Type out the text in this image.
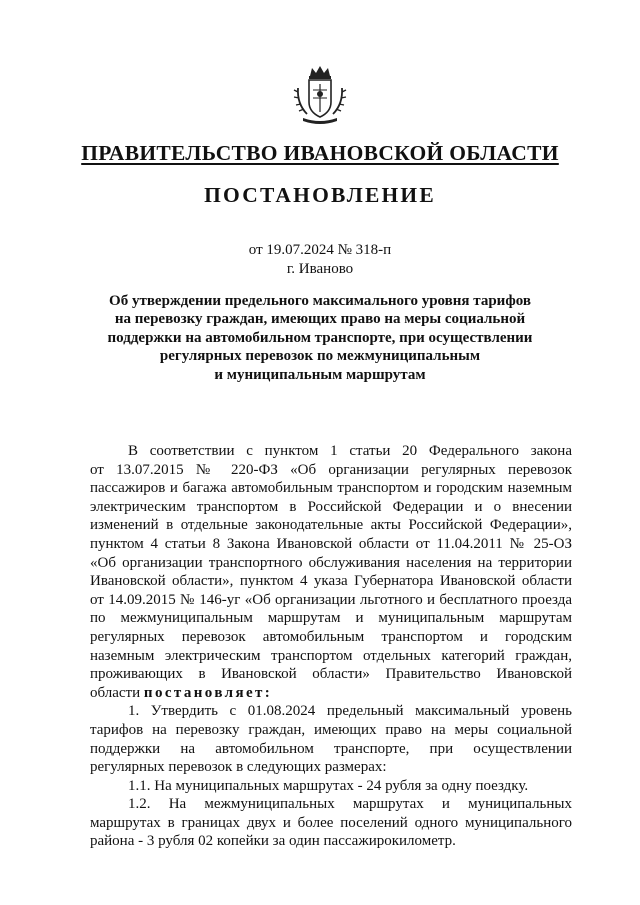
ПРАВИТЕЛЬСТВО ИВАНОВСКОЙ ОБЛАСТИ
ПОСТАНОВЛЕНИЕ
от 19.07.2024 № 318-п
г. Иваново
Об утверждении предельного максимального уровня тарифов
на перевозку граждан, имеющих право на меры социальной
поддержки на автомобильном транспорте, при осуществлении
регулярных перевозок по межмуниципальным
и муниципальным маршрутам
В соответствии с пунктом 1 статьи 20 Федерального закона
от 13.07.2015 № 220-ФЗ «Об организации регулярных перевозок
пассажиров и багажа автомобильным транспортом и городским наземным
электрическим транспортом в Российской Федерации и о внесении
изменений в отдельные законодательные акты Российской Федерации»,
пунктом 4 статьи 8 Закона Ивановской области от 11.04.2011 № 25-ОЗ
«Об организации транспортного обслуживания населения на территории
Ивановской области», пунктом 4 указа Губернатора Ивановской области
от 14.09.2015 № 146-уг «Об организации льготного и бесплатного проезда
по межмуниципальным маршрутам и муниципальным маршрутам
регулярных перевозок автомобильным транспортом и городским
наземным электрическим транспортом отдельных категорий граждан,
проживающих в Ивановской области» Правительство Ивановской
области постановляет:
1. Утвердить с 01.08.2024 предельный максимальный уровень
тарифов на перевозку граждан, имеющих право на меры социальной
поддержки на автомобильном транспорте, при осуществлении
регулярных перевозок в следующих размерах:
1.1. На муниципальных маршрутах - 24 рубля за одну поездку.
1.2. На межмуниципальных маршрутах и муниципальных
маршрутах в границах двух и более поселений одного муниципального
района - 3 рубля 02 копейки за один пассажирокилометр.
